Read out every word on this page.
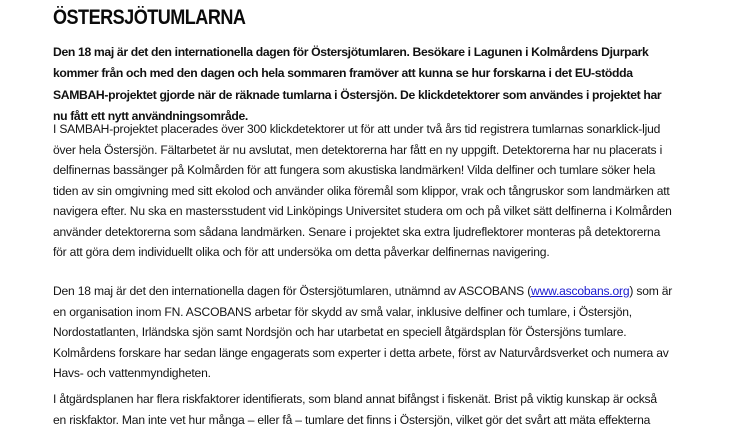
ÖSTERSJÖTUMLARNA

Den 18 maj är det den internationella dagen för Östersjötumlaren. Besökare i Lagunen i Kolmårdens Djurpark kommer från och med den dagen och hela sommaren framöver att kunna se hur forskarna i det EU-stödda SAMBAH-projektet gjorde när de räknade tumlarna i Östersjön. De klickdetektorer som användes i projektet har nu fått ett nytt användningsområde.

I SAMBAH-projektet placerades över 300 klickdetektorer ut för att under två års tid registrera tumlarnas sonarklick-ljud över hela Östersjön. Fältarbetet är nu avslutat, men detektorerna har fått en ny uppgift. Detektorerna har nu placerats i delfinernas bassänger på Kolmården för att fungera som akustiska landmärken! Vilda delfiner och tumlare söker hela tiden av sin omgivning med sitt ekolod och använder olika föremål som klippor, vrak och tångruskor som landmärken att navigera efter. Nu ska en mastersstudent vid Linköpings Universitet studera om och på vilket sätt delfinerna i Kolmården använder detektorerna som sådana landmärken. Senare i projektet ska extra ljudreflektorer monteras på detektorerna för att göra dem individuellt olika och för att undersöka om detta påverkar delfinernas navigering.

Den 18 maj är det den internationella dagen för Östersjötumlaren, utnämnd av ASCOBANS (www.ascobans.org) som är en organisation inom FN. ASCOBANS arbetar för skydd av små valar, inklusive delfiner och tumlare, i Östersjön, Nordostatlanten, Irländska sjön samt Nordsjön och har utarbetat en speciell åtgärdsplan för Östersjöns tumlare. Kolmårdens forskare har sedan länge engagerats som experter i detta arbete, först av Naturvårdsverket och numera av Havs- och vattenmyndigheten.

I åtgärdsplanen har flera riskfaktorer identifierats, som bland annat bifångst i fiskenät. Brist på viktig kunskap är också en riskfaktor. Man inte vet hur många – eller få – tumlare det finns i Östersjön, vilket gör det svårt att mäta effekterna
